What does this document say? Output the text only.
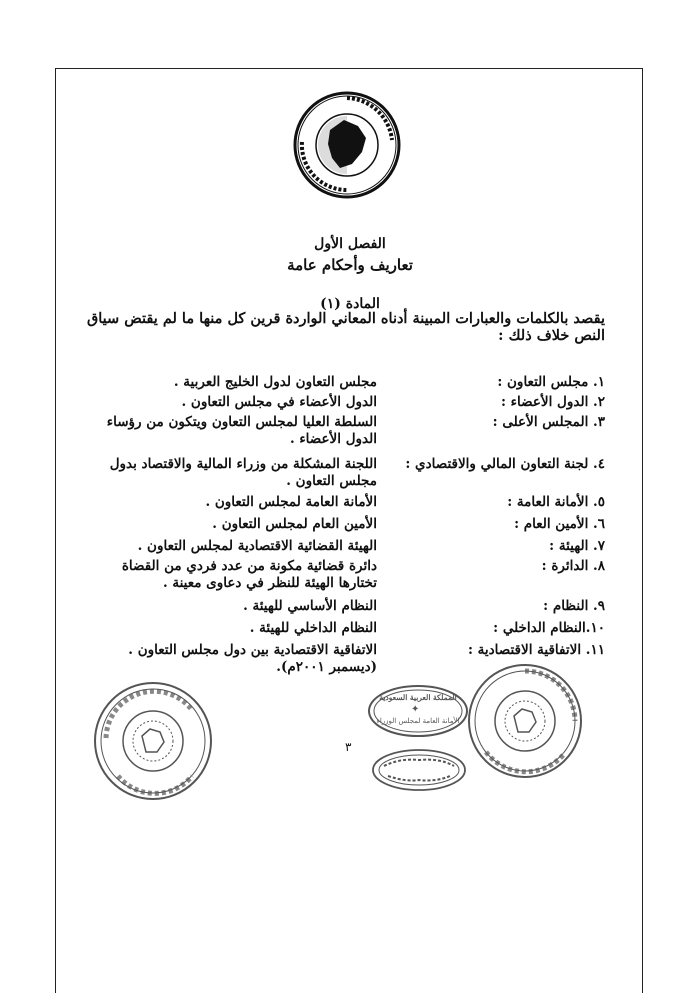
الفصل الأول
تعاريف وأحكام عامة
المادة (١)
يقصد بالكلمات والعبارات المبينة أدناه المعاني الواردة قرين كل منها ما لم يقتض سياق النص خلاف ذلك :
١. مجلس التعاون :
مجلس التعاون لدول الخليج العربية .
٢. الدول الأعضاء :
الدول الأعضاء في مجلس التعاون .
٣. المجلس الأعلى :
السلطة العليا لمجلس التعاون ويتكون من رؤساء الدول الأعضاء .
٤. لجنة التعاون المالي والاقتصادي :
اللجنة المشكلة من وزراء المالية والاقتصاد بدول مجلس التعاون .
٥. الأمانة العامة :
الأمانة العامة لمجلس التعاون .
٦. الأمين العام :
الأمين العام لمجلس التعاون .
٧. الهيئة :
الهيئة القضائية الاقتصادية لمجلس التعاون .
٨. الدائرة :
دائرة قضائية مكونة من عدد فردي من القضاة تختارها الهيئة للنظر في دعاوى معينة .
٩. النظام :
النظام الأساسي للهيئة .
١٠.النظام الداخلي :
النظام الداخلي للهيئة .
١١. الاتفاقية الاقتصادية :
الاتفاقية الاقتصادية بين دول مجلس التعاون . (ديسمبر ٢٠٠١م).
المملكة العربية السعودية
✦
الأمانة العامة لمجلس الوزراء
٣
